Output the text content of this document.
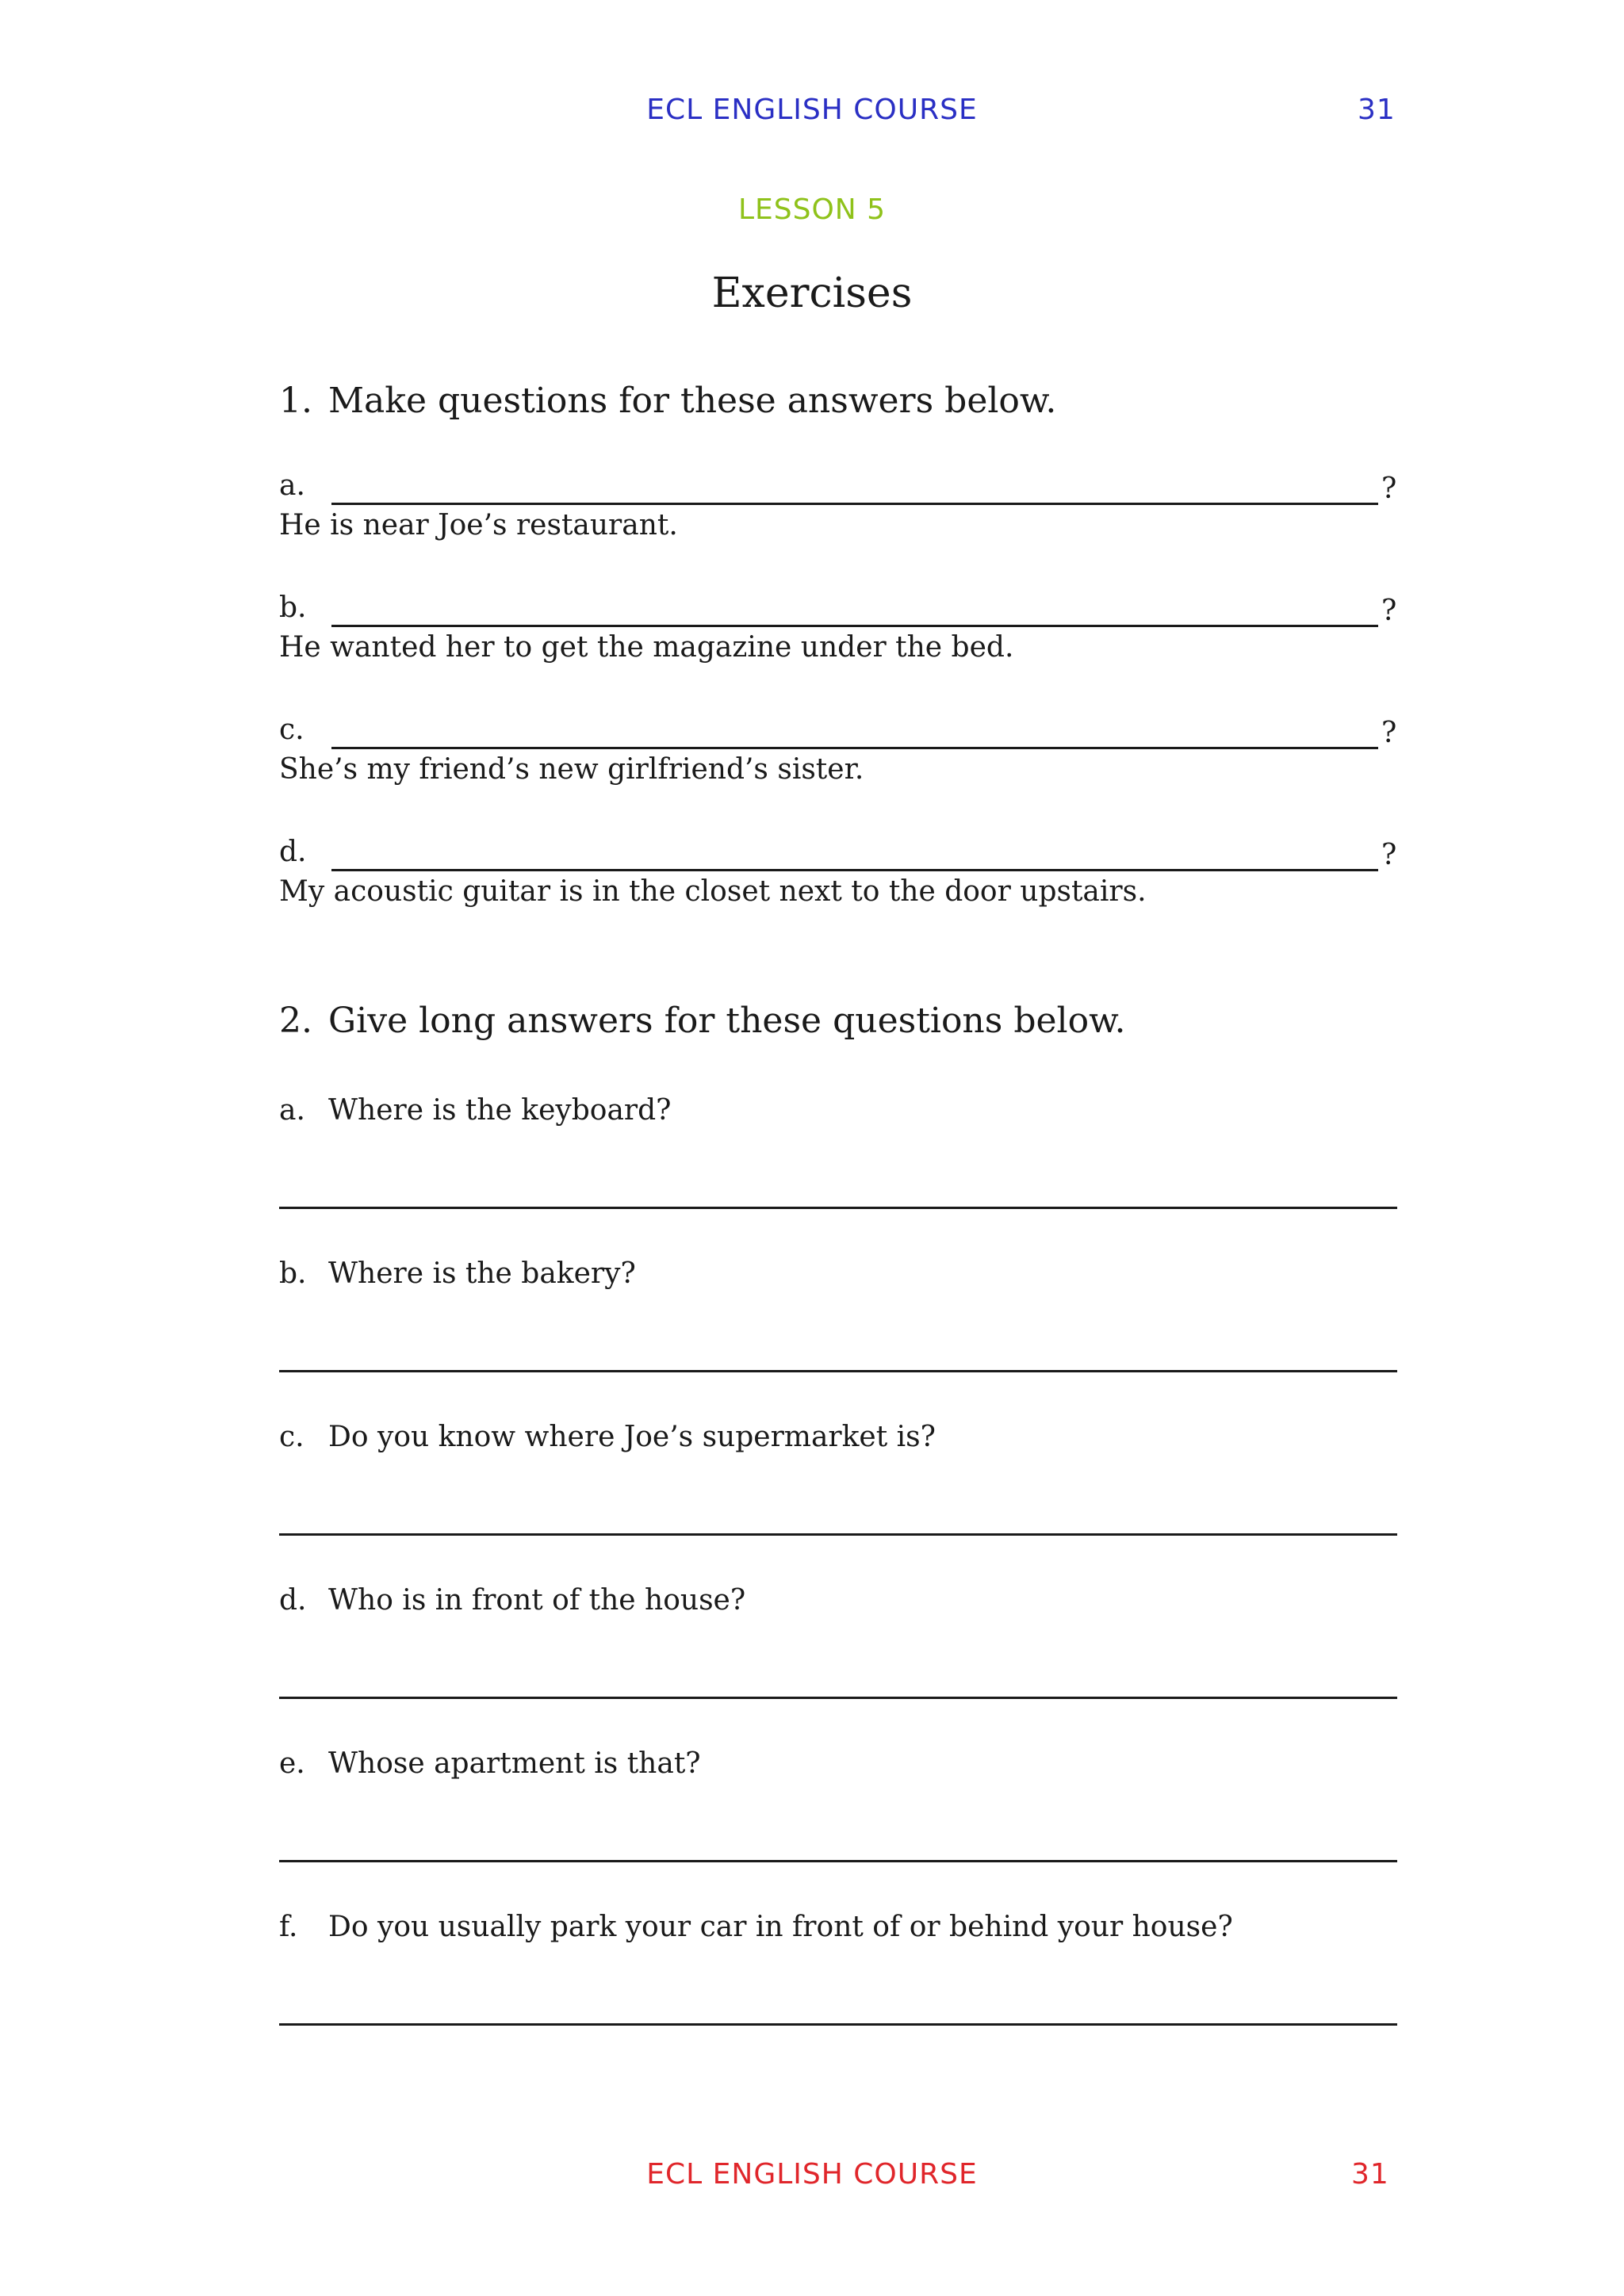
ECL ENGLISH COURSE	31
LESSON 5
Exercises
1. Make questions for these answers below.
a.	?
He is near Joe’s restaurant.
b.	?
He wanted her to get the magazine under the bed.
c.	?
She’s my friend’s new girlfriend’s sister.
d.	?
My acoustic guitar is in the closet next to the door upstairs.
2. Give long answers for these questions below.
a. Where is the keyboard?
b. Where is the bakery?
c. Do you know where Joe’s supermarket is?
d. Who is in front of the house?
e. Whose apartment is that?
f. Do you usually park your car in front of or behind your house?
ECL ENGLISH COURSE	31
